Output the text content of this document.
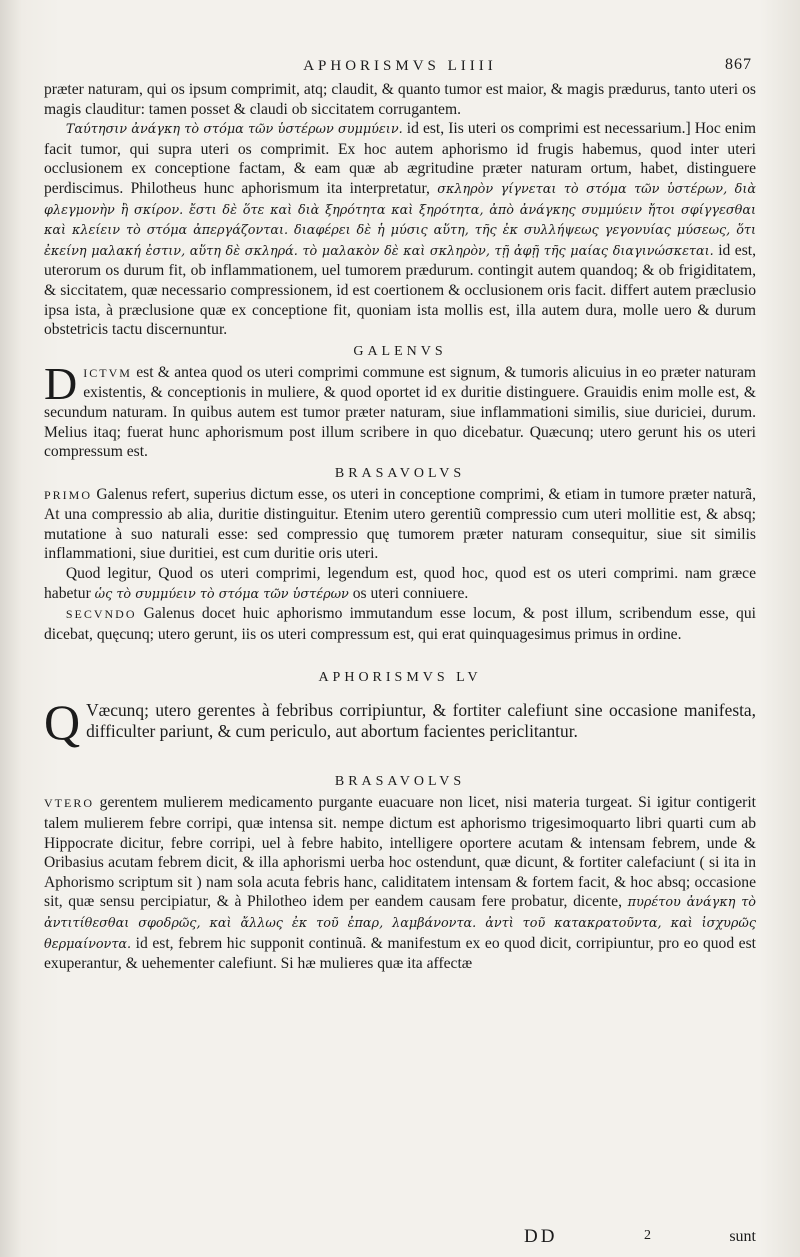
APHORISMVS LIIII	867

præter naturam, qui os ipsum comprimit, atq; claudit, & quanto tumor est maior, & magis prædurus, tanto uteri os magis clauditur: tamen posset & claudi ob siccitatem corrugantem.

Ταύτησιν ἀνάγκη τὸ στόμα τῶν ὑστέρων συμμύειν. id est, Iis uteri os comprimi est necessarium.] Hoc enim facit tumor, qui supra uteri os comprimit. Ex hoc autem aphorismo id frugis habemus, quod inter uteri occlusionem ex conceptione factam, & eam quæ ab ægritudine præter naturam ortum, habet, distinguere perdiscimus. Philotheus hunc aphorismum ita interpretatur, σκληρὸν γίγνεται τὸ στόμα τῶν ὑστέρων, διὰ φλεγμονὴν ἢ σκίρον. ἔστι δὲ ὅτε καὶ διὰ ξηρότητα καὶ ξηρότητα, ἀπὸ ἀνάγκης συμμύειν ἤτοι σφίγγεσθαι καὶ κλείειν τὸ στόμα ἀπεργάζονται. διαφέρει δὲ ἡ μύσις αὕτη, τῆς ἐκ συλλήψεως γεγονυίας μύσεως, ὅτι ἐκείνη μαλακή ἐστιν, αὕτη δὲ σκληρά. τὸ μαλακὸν δὲ καὶ σκληρὸν, τῇ ἀφῇ τῆς μαίας διαγινώσκεται. id est, uterorum os durum fit, ob inflammationem, uel tumorem prædurum. contingit autem quandoq; & ob frigiditatem, & siccitatem, quæ necessario compressionem, id est coertionem & occlusionem oris facit. differt autem præclusio ipsa ista, à præclusione quæ ex conceptione fit, quoniam ista mollis est, illa autem dura, molle uero & durum obstetricis tactu discernuntur.

GALENVS

D ICTVM est & antea quod os uteri comprimi commune est signum, & tumoris alicuius in eo præter naturam existentis, & conceptionis in muliere, & quod oportet id ex duritie distinguere. Grauidis enim molle est, & secundum naturam. In quibus autem est tumor præter naturam, siue inflammationi similis, siue duriciei, durum. Melius itaq; fuerat hunc aphorismum post illum scribere in quo dicebatur. Quæcunq; utero gerunt his os uteri compressum est.

BRASAVOLVS

PRIMO Galenus refert, superius dictum esse, os uteri in conceptione comprimi, & etiam in tumore præter naturã, At una compressio ab alia, duritie distinguitur. Etenim utero gerentiũ compressio cum uteri mollitie est, & absq; mutatione à suo naturali esse: sed compressio quę tumorem præter naturam consequitur, siue sit similis inflammationi, siue duritiei, est cum duritie oris uteri.

Quod legitur, Quod os uteri comprimi, legendum est, quod hoc, quod est os uteri comprimi. nam græce habetur ὡς τὸ συμμύειν τὸ στόμα τῶν ὑστέρων os uteri conniuere.

SECVNDO Galenus docet huic aphorismo immutandum esse locum, & post illum, scribendum esse, qui dicebat, quęcunq; utero gerunt, iis os uteri compressum est, qui erat quinquagesimus primus in ordine.

APHORISMVS LV

Q Væcunq; utero gerentes à febribus corripiuntur, & fortiter calefiunt sine occasione manifesta, difficulter pariunt, & cum periculo, aut abortum facientes periclitantur.

BRASAVOLVS

VTERO gerentem mulierem medicamento purgante euacuare non licet, nisi materia turgeat. Si igitur contigerit talem mulierem febre corripi, quæ intensa sit. nempe dictum est aphorismo trigesimoquarto libri quarti cum ab Hippocrate dicitur, febre corripi, uel à febre habito, intelligere oportere acutam & intensam febrem, unde & Oribasius acutam febrem dicit, & illa aphorismi uerba hoc ostendunt, quæ dicunt, & fortiter calefaciunt ( si ita in Aphorismo scriptum sit ) nam sola acuta febris hanc, caliditatem intensam & fortem facit, & hoc absq; occasione sit, quæ sensu percipiatur, & à Philotheo idem per eandem causam fere probatur, dicente, πυρέτου ἀνάγκη τὸ ἀντιτίθεσθαι σφοδρῶς, καὶ ἄλλως ἐκ τοῦ ἐπαρ, λαμβάνοντα. ἀντὶ τοῦ κατακρατοῦντα, καὶ ἰσχυρῶς θερμαίνοντα. id est, febrem hic supponit continuã. & manifestum ex eo quod dicit, corripiuntur, pro eo quod est exuperantur, & uehementer calefiunt. Si hæ mulieres quæ ita affectæ

DD	2	sunt
